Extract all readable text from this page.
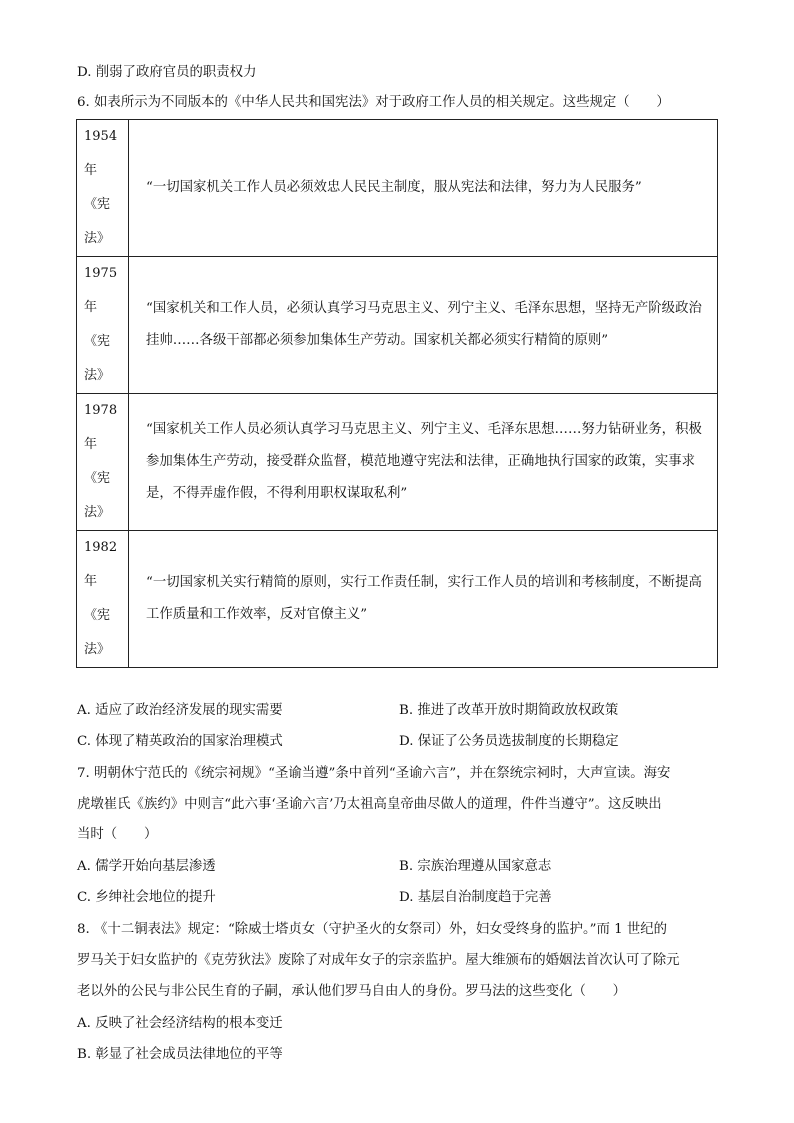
D. 削弱了政府官员的职责权力
6. 如表所示为不同版本的《中华人民共和国宪法》对于政府工作人员的相关规定。这些规定（　　）
1954
年
《宪
法》	“一切国家机关工作人员必须效忠人民民主制度，服从宪法和法律，努力为人民服务”

1975
年
《宪
法》	“国家机关和工作人员，必须认真学习马克思主义、列宁主义、毛泽东思想，坚持无产阶级政治挂帅……各级干部都必须参加集体生产劳动。国家机关都必须实行精简的原则”

1978
年
《宪
法》	“国家机关工作人员必须认真学习马克思主义、列宁主义、毛泽东思想……努力钻研业务，积极参加集体生产劳动，接受群众监督，模范地遵守宪法和法律，正确地执行国家的政策，实事求是，不得弄虚作假，不得利用职权谋取私利”

1982
年
《宪
法》	“一切国家机关实行精简的原则，实行工作责任制，实行工作人员的培训和考核制度，不断提高工作质量和工作效率，反对官僚主义”
A. 适应了政治经济发展的现实需要	B. 推进了改革开放时期简政放权政策
C. 体现了精英政治的国家治理模式	D. 保证了公务员选拔制度的长期稳定
7. 明朝休宁范氏的《统宗祠规》“圣谕当遵”条中首列“圣谕六言”，并在祭统宗祠时，大声宣读。海安
虎墩崔氏《族约》中则言“此六事‘圣谕六言’乃太祖高皇帝曲尽做人的道理，件件当遵守”。这反映出
当时（　　）
A. 儒学开始向基层渗透	B. 宗族治理遵从国家意志
C. 乡绅社会地位的提升	D. 基层自治制度趋于完善
8. 《十二铜表法》规定：“除威士塔贞女（守护圣火的女祭司）外，妇女受终身的监护。”而 1 世纪的
罗马关于妇女监护的《克劳狄法》废除了对成年女子的宗亲监护。屋大维颁布的婚姻法首次认可了除元
老以外的公民与非公民生育的子嗣，承认他们罗马自由人的身份。罗马法的这些变化（　　）
A. 反映了社会经济结构的根本变迁
B. 彰显了社会成员法律地位的平等
